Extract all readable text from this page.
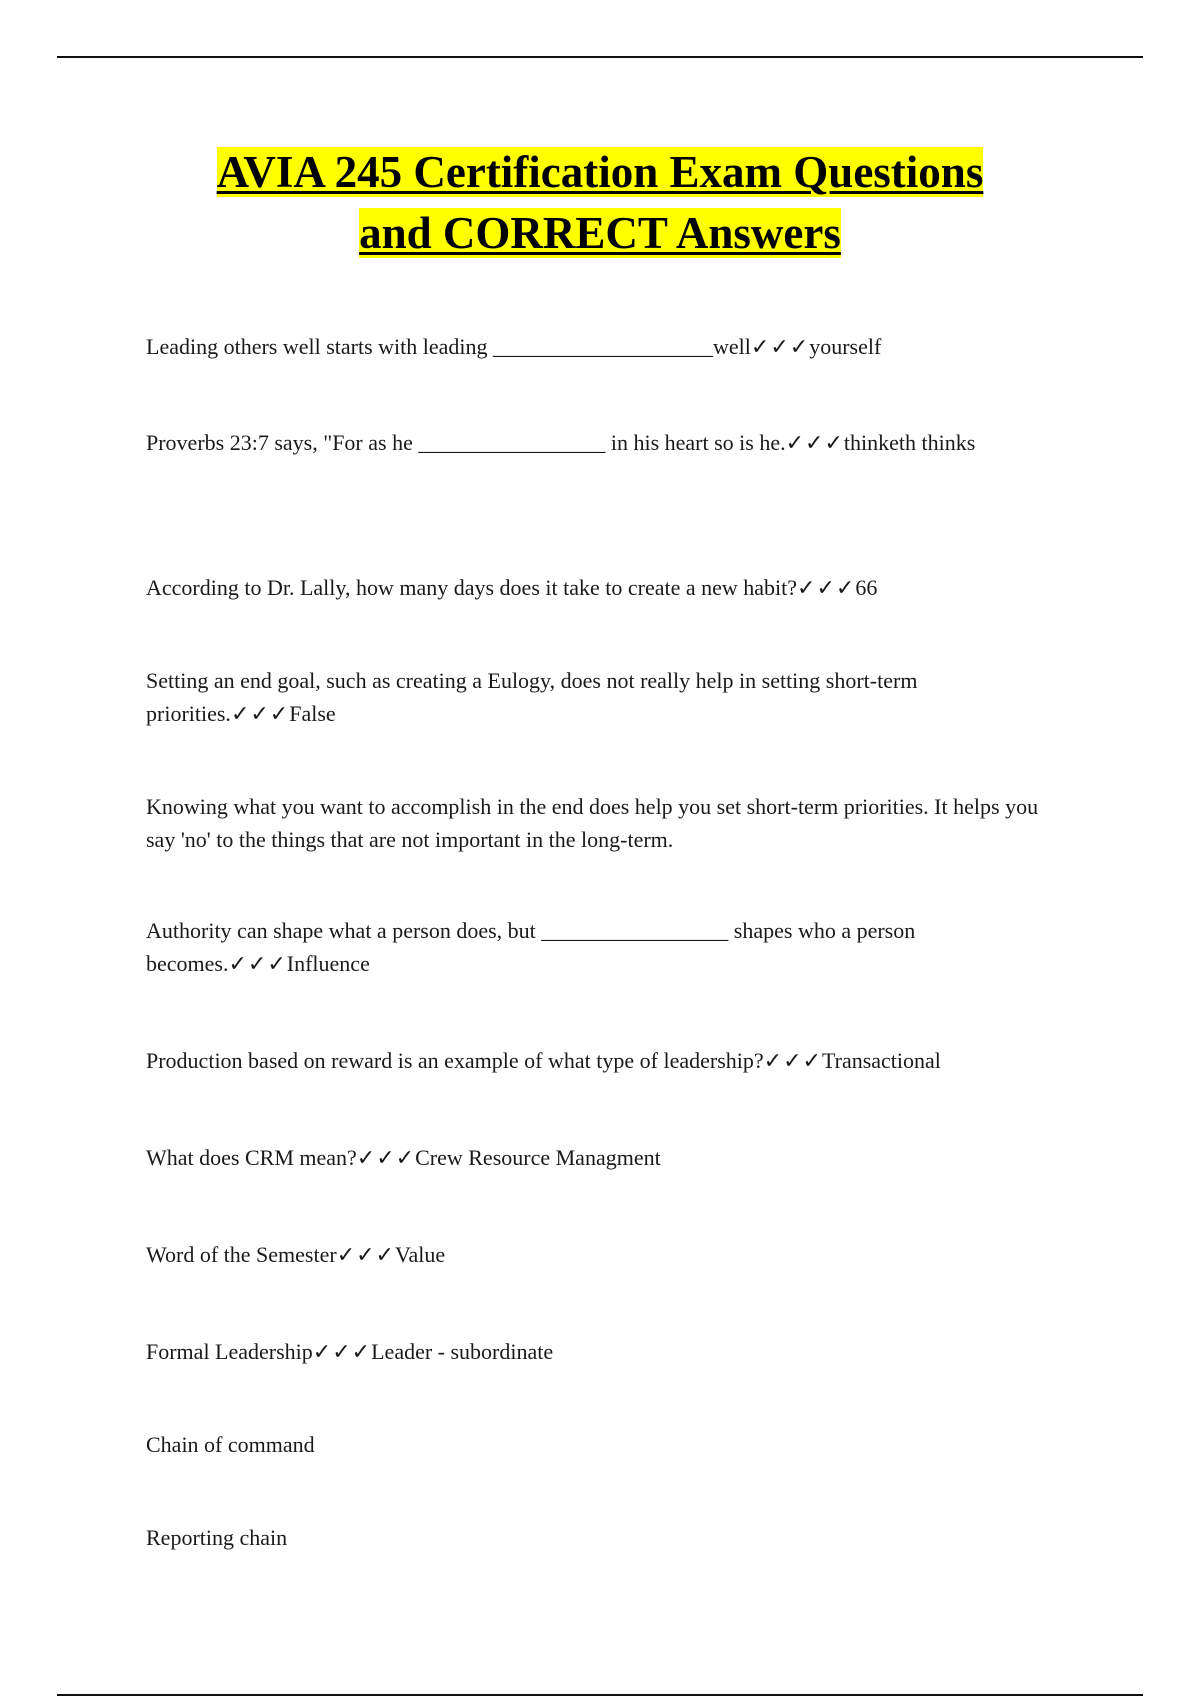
AVIA 245 Certification Exam Questions
and CORRECT Answers
Leading others well starts with leading ____________________well✓✓✓yourself
Proverbs 23:7 says, "For as he _________________ in his heart so is he.✓✓✓thinketh thinks
According to Dr. Lally, how many days does it take to create a new habit?✓✓✓66
Setting an end goal, such as creating a Eulogy, does not really help in setting short-term priorities.✓✓✓False
Knowing what you want to accomplish in the end does help you set short-term priorities. It helps you say 'no' to the things that are not important in the long-term.
Authority can shape what a person does, but _________________ shapes who a person becomes.✓✓✓Influence
Production based on reward is an example of what type of leadership?✓✓✓Transactional
What does CRM mean?✓✓✓Crew Resource Managment
Word of the Semester✓✓✓Value
Formal Leadership✓✓✓Leader - subordinate
Chain of command
Reporting chain
